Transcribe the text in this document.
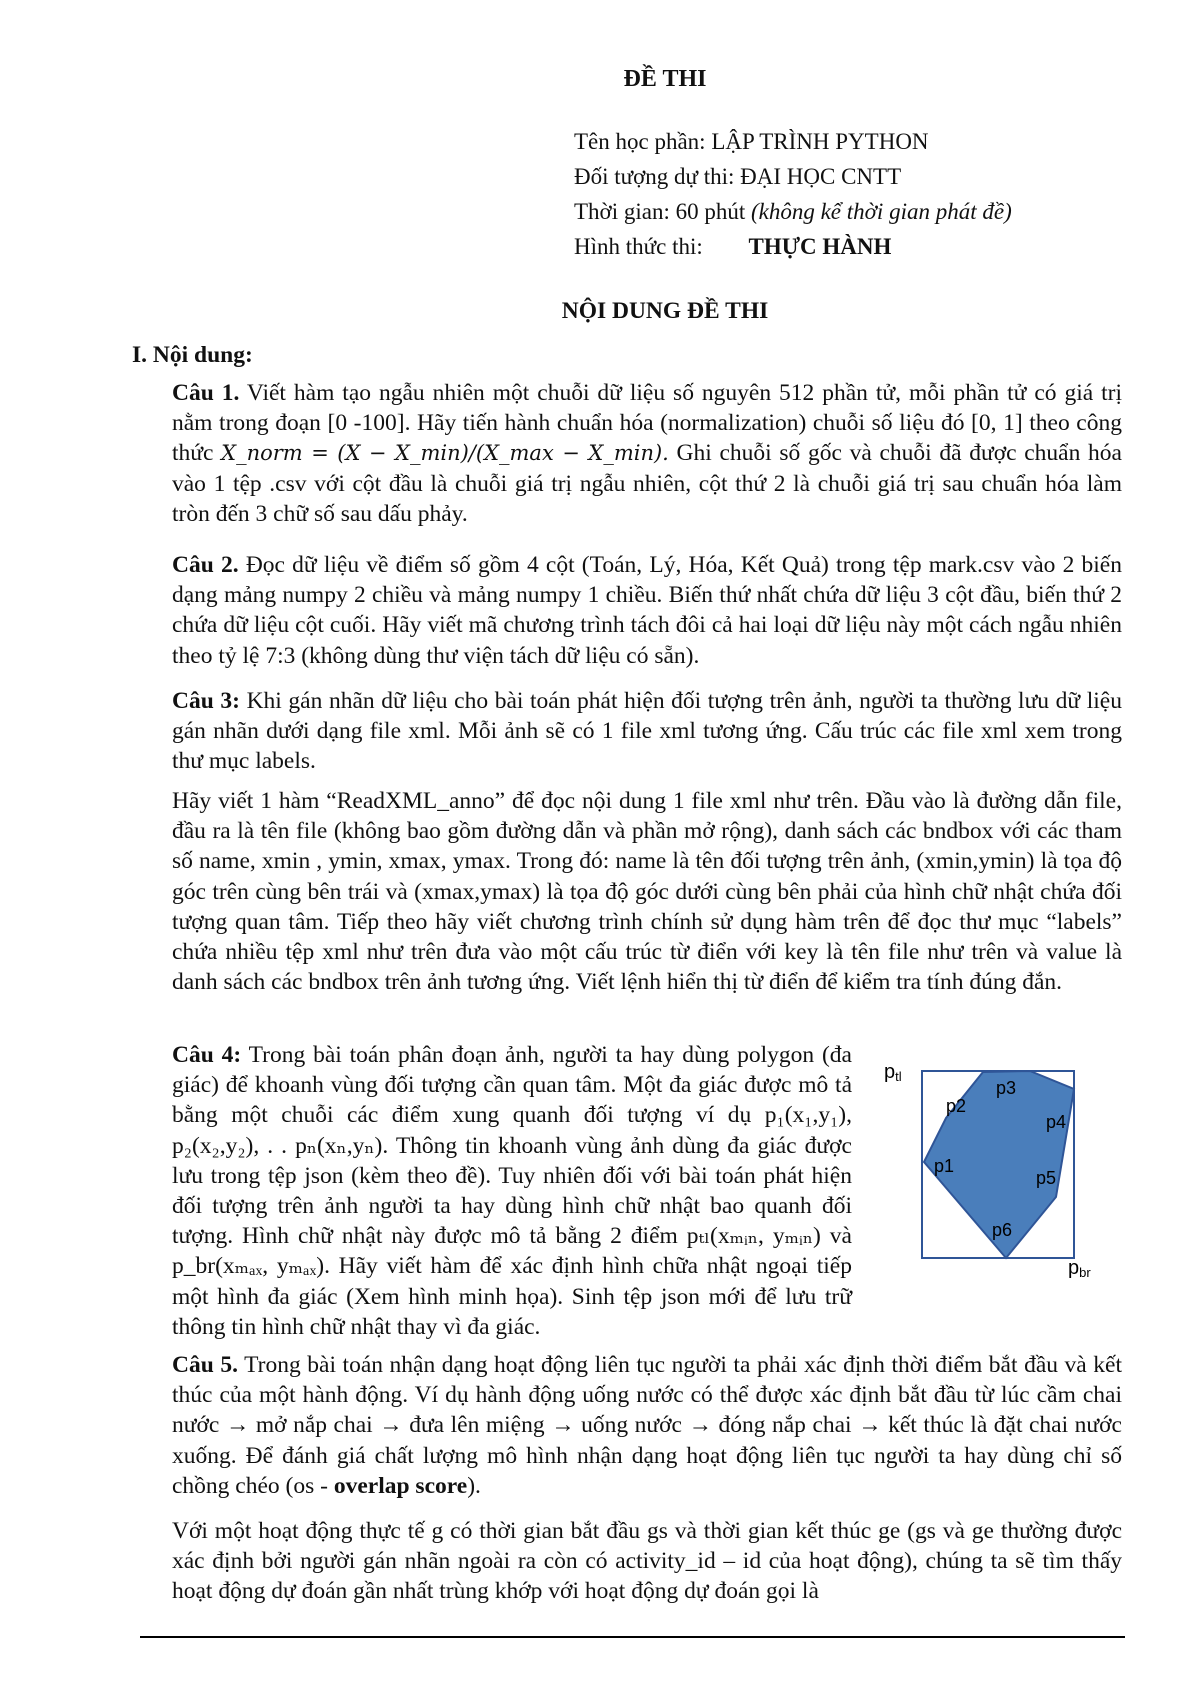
ĐỀ THI
Tên học phần: LẬP TRÌNH PYTHON
Đối tượng dự thi: ĐẠI HỌC CNTT
Thời gian: 60 phút (không kể thời gian phát đề)
Hình thức thi: THỰC HÀNH
NỘI DUNG ĐỀ THI
I. Nội dung:
Câu 1. Viết hàm tạo ngẫu nhiên một chuỗi dữ liệu số nguyên 512 phần tử, mỗi phần tử có giá trị nằm trong đoạn [0 -100]. Hãy tiến hành chuẩn hóa (normalization) chuỗi số liệu đó [0, 1] theo công thức X_norm = (X − X_min)/(X_max − X_min). Ghi chuỗi số gốc và chuỗi đã được chuẩn hóa vào 1 tệp .csv với cột đầu là chuỗi giá trị ngẫu nhiên, cột thứ 2 là chuỗi giá trị sau chuẩn hóa làm tròn đến 3 chữ số sau dấu phảy.
Câu 2. Đọc dữ liệu về điểm số gồm 4 cột (Toán, Lý, Hóa, Kết Quả) trong tệp mark.csv vào 2 biến dạng mảng numpy 2 chiều và mảng numpy 1 chiều. Biến thứ nhất chứa dữ liệu 3 cột đầu, biến thứ 2 chứa dữ liệu cột cuối. Hãy viết mã chương trình tách đôi cả hai loại dữ liệu này một cách ngẫu nhiên theo tỷ lệ 7:3 (không dùng thư viện tách dữ liệu có sẵn).
Câu 3: Khi gán nhãn dữ liệu cho bài toán phát hiện đối tượng trên ảnh, người ta thường lưu dữ liệu gán nhãn dưới dạng file xml. Mỗi ảnh sẽ có 1 file xml tương ứng. Cấu trúc các file xml xem trong thư mục labels.
Hãy viết 1 hàm “ReadXML_anno” để đọc nội dung 1 file xml như trên. Đầu vào là đường dẫn file, đầu ra là tên file (không bao gồm đường dẫn và phần mở rộng), danh sách các bndbox với các tham số name, xmin , ymin, xmax, ymax. Trong đó: name là tên đối tượng trên ảnh, (xmin,ymin) là tọa độ góc trên cùng bên trái và (xmax,ymax) là tọa độ góc dưới cùng bên phải của hình chữ nhật chứa đối tượng quan tâm. Tiếp theo hãy viết chương trình chính sử dụng hàm trên để đọc thư mục “labels” chứa nhiều tệp xml như trên đưa vào một cấu trúc từ điển với key là tên file như trên và value là danh sách các bndbox trên ảnh tương ứng. Viết lệnh hiển thị từ điển để kiểm tra tính đúng đắn.
Câu 4: Trong bài toán phân đoạn ảnh, người ta hay dùng polygon (đa giác) để khoanh vùng đối tượng cần quan tâm. Một đa giác được mô tả bằng một chuỗi các điểm xung quanh đối tượng ví dụ p₁(x₁,y₁), p₂(x₂,y₂), . . pₙ(xₙ,yₙ). Thông tin khoanh vùng ảnh dùng đa giác được lưu trong tệp json (kèm theo đề). Tuy nhiên đối với bài toán phát hiện đối tượng trên ảnh người ta hay dùng hình chữ nhật bao quanh đối tượng. Hình chữ nhật này được mô tả bằng 2 điểm pₜₗ(xₘᵢₙ, yₘᵢₙ) và p_br(xₘₐₓ, yₘₐₓ). Hãy viết hàm để xác định hình chữa nhật ngoại tiếp một hình đa giác (Xem hình minh họa). Sinh tệp json mới để lưu trữ thông tin hình chữ nhật thay vì đa giác.
ptl
pbr
p1
p2
p3
p4
p5
p6
Câu 5. Trong bài toán nhận dạng hoạt động liên tục người ta phải xác định thời điểm bắt đầu và kết thúc của một hành động. Ví dụ hành động uống nước có thể được xác định bắt đầu từ lúc cầm chai nước → mở nắp chai → đưa lên miệng → uống nước → đóng nắp chai → kết thúc là đặt chai nước xuống. Để đánh giá chất lượng mô hình nhận dạng hoạt động liên tục người ta hay dùng chỉ số chồng chéo (os - overlap score).
Với một hoạt động thực tế g có thời gian bắt đầu gs và thời gian kết thúc ge (gs và ge thường được xác định bởi người gán nhãn ngoài ra còn có activity_id – id của hoạt động), chúng ta sẽ tìm thấy hoạt động dự đoán gần nhất trùng khớp với hoạt động dự đoán gọi là
